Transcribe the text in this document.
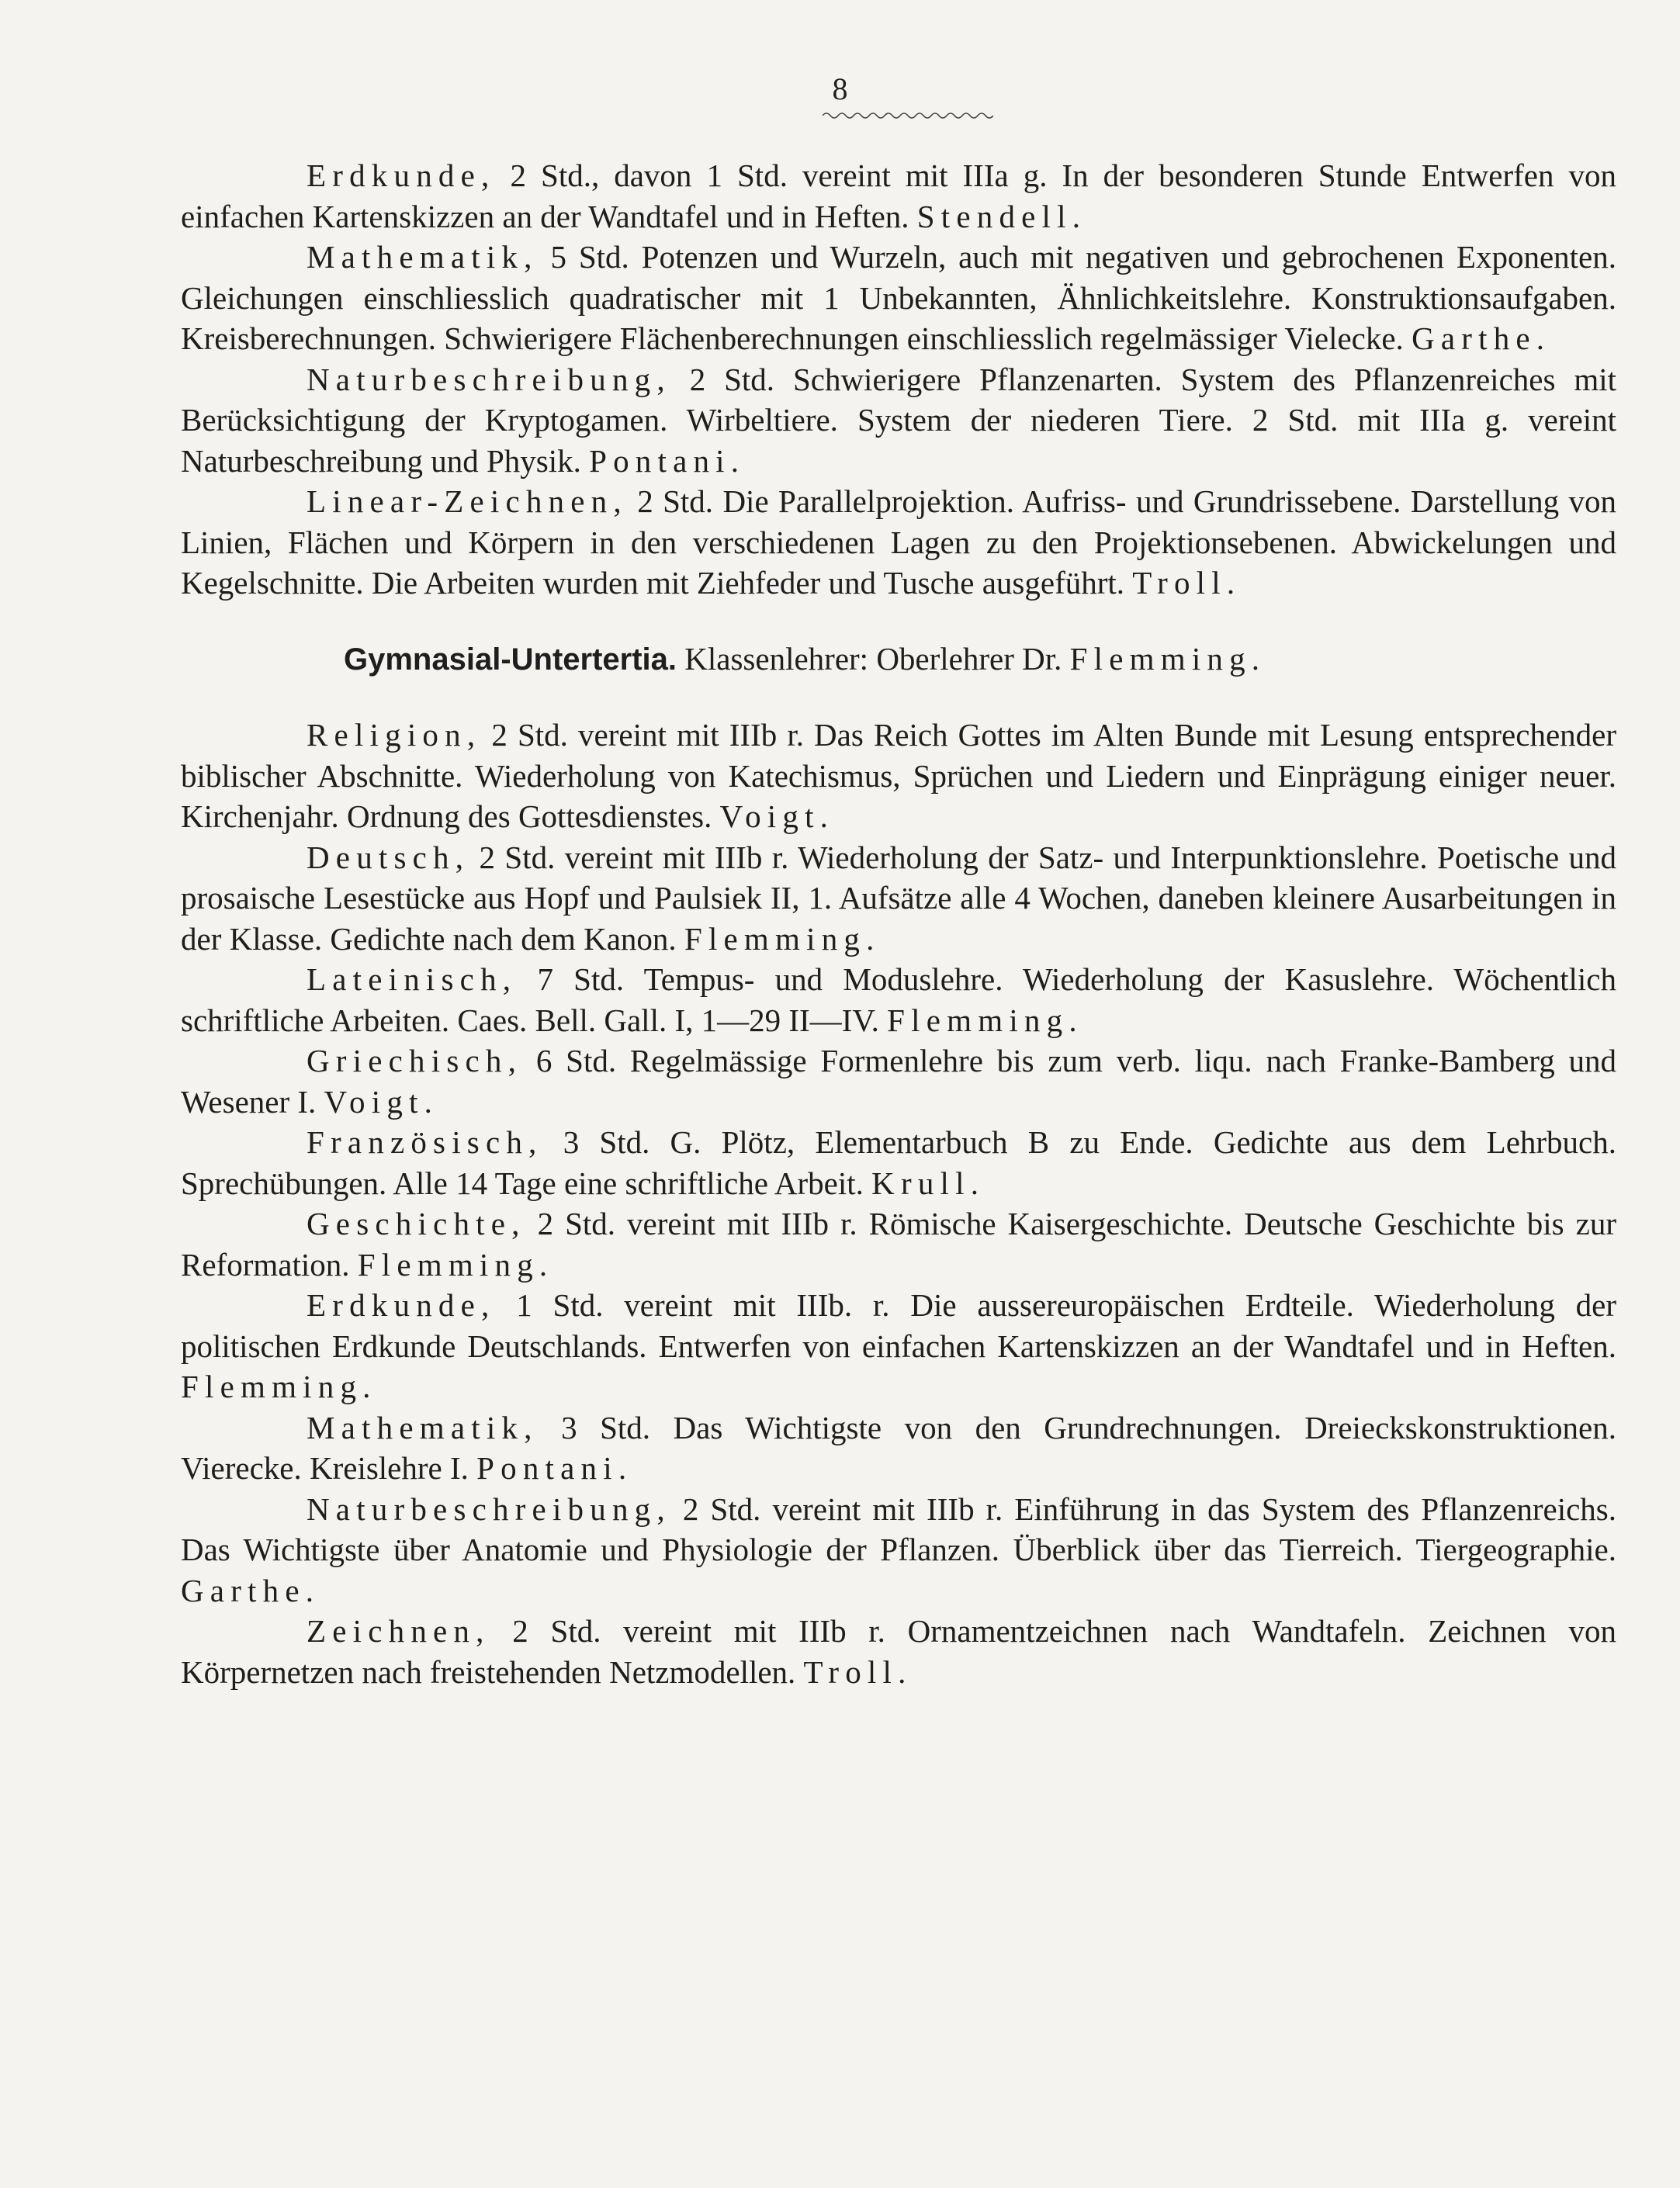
8

Erdkunde, 2 Std., davon 1 Std. vereint mit IIIa g. In der besonderen Stunde Entwerfen von einfachen Kartenskizzen an der Wandtafel und in Heften. Stendell.

Mathematik, 5 Std. Potenzen und Wurzeln, auch mit negativen und gebrochenen Exponenten. Gleichungen einschliesslich quadratischer mit 1 Unbekannten, Ähnlichkeitslehre. Konstruktionsaufgaben. Kreisberechnungen. Schwierigere Flächenberechnungen einschliesslich regelmässiger Vielecke. Garthe.

Naturbeschreibung, 2 Std. Schwierigere Pflanzenarten. System des Pflanzenreiches mit Berücksichtigung der Kryptogamen. Wirbeltiere. System der niederen Tiere. 2 Std. mit IIIa g. vereint Naturbeschreibung und Physik. Pontani.

Linear-Zeichnen, 2 Std. Die Parallelprojektion. Aufriss- und Grundrissebene. Darstellung von Linien, Flächen und Körpern in den verschiedenen Lagen zu den Projektionsebenen. Abwickelungen und Kegelschnitte. Die Arbeiten wurden mit Ziehfeder und Tusche ausgeführt. Troll.

Gymnasial-Untertertia. Klassenlehrer: Oberlehrer Dr. Flemming.

Religion, 2 Std. vereint mit IIIb r. Das Reich Gottes im Alten Bunde mit Lesung entsprechender biblischer Abschnitte. Wiederholung von Katechismus, Sprüchen und Liedern und Einprägung einiger neuer. Kirchenjahr. Ordnung des Gottesdienstes. Voigt.

Deutsch, 2 Std. vereint mit IIIb r. Wiederholung der Satz- und Interpunktionslehre. Poetische und prosaische Lesestücke aus Hopf und Paulsiek II, 1. Aufsätze alle 4 Wochen, daneben kleinere Ausarbeitungen in der Klasse. Gedichte nach dem Kanon. Flemming.

Lateinisch, 7 Std. Tempus- und Moduslehre. Wiederholung der Kasuslehre. Wöchentlich schriftliche Arbeiten. Caes. Bell. Gall. I, 1—29 II—IV. Flemming.

Griechisch, 6 Std. Regelmässige Formenlehre bis zum verb. liqu. nach Franke-Bamberg und Wesener I. Voigt.

Französisch, 3 Std. G. Plötz, Elementarbuch B zu Ende. Gedichte aus dem Lehrbuch. Sprechübungen. Alle 14 Tage eine schriftliche Arbeit. Krull.

Geschichte, 2 Std. vereint mit IIIb r. Römische Kaisergeschichte. Deutsche Geschichte bis zur Reformation. Flemming.

Erdkunde, 1 Std. vereint mit IIIb. r. Die aussereuropäischen Erdteile. Wiederholung der politischen Erdkunde Deutschlands. Entwerfen von einfachen Kartenskizzen an der Wandtafel und in Heften. Flemming.

Mathematik, 3 Std. Das Wichtigste von den Grundrechnungen. Dreieckskonstruktionen. Vierecke. Kreislehre I. Pontani.

Naturbeschreibung, 2 Std. vereint mit IIIb r. Einführung in das System des Pflanzenreichs. Das Wichtigste über Anatomie und Physiologie der Pflanzen. Überblick über das Tierreich. Tiergeographie. Garthe.

Zeichnen, 2 Std. vereint mit IIIb r. Ornamentzeichnen nach Wandtafeln. Zeichnen von Körpernetzen nach freistehenden Netzmodellen. Troll.
